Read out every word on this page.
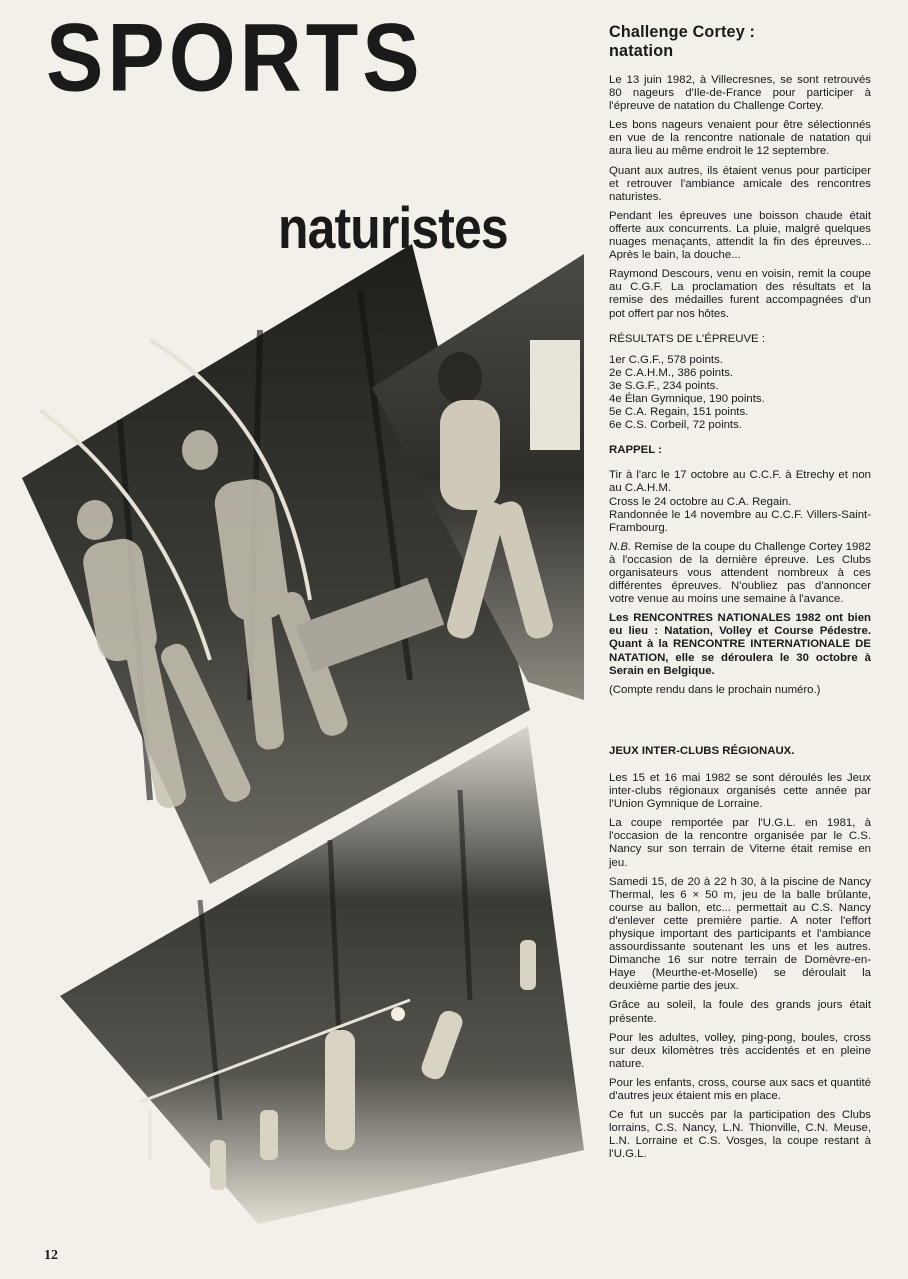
SPORTS
naturistes
Challenge Cortey :
natation

Le 13 juin 1982, à Villecresnes, se sont retrouvés 80 nageurs d'Ile-de-France pour participer à l'épreuve de natation du Challenge Cortey.

Les bons nageurs venaient pour être sélectionnés en vue de la rencontre nationale de natation qui aura lieu au même endroit le 12 septembre.

Quant aux autres, ils étaient venus pour participer et retrouver l'ambiance amicale des rencontres naturistes.

Pendant les épreuves une boisson chaude était offerte aux concurrents. La pluie, malgré quelques nuages menaçants, attendit la fin des épreuves... Après le bain, la douche...

Raymond Descours, venu en voisin, remit la coupe au C.G.F. La proclamation des résultats et la remise des médailles furent accompagnées d'un pot offert par nos hôtes.

RÉSULTATS DE L'ÉPREUVE :

1er C.G.F., 578 points.
2e C.A.H.M., 386 points.
3e S.G.F., 234 points.
4e Élan Gymnique, 190 points.
5e C.A. Regain, 151 points.
6e C.S. Corbeil, 72 points.

RAPPEL :

Tir à l'arc le 17 octobre au C.C.F. à Etrechy et non au C.A.H.M.

Cross le 24 octobre au C.A. Regain.

Randonnée le 14 novembre au C.C.F. Villers-Saint-Frambourg.

N.B. Remise de la coupe du Challenge Cortey 1982 à l'occasion de la dernière épreuve. Les Clubs organisateurs vous attendent nombreux à ces différentes épreuves. N'oubliez pas d'annoncer votre venue au moins une semaine à l'avance.

Les RENCONTRES NATIONALES 1982 ont bien eu lieu : Natation, Volley et Course Pédestre. Quant à la RENCONTRE INTERNATIONALE DE NATATION, elle se déroulera le 30 octobre à Serain en Belgique.

(Compte rendu dans le prochain numéro.)

JEUX INTER-CLUBS RÉGIONAUX.

Les 15 et 16 mai 1982 se sont déroulés les Jeux inter-clubs régionaux organisés cette année par l'Union Gymnique de Lorraine.

La coupe remportée par l'U.G.L. en 1981, à l'occasion de la rencontre organisée par le C.S. Nancy sur son terrain de Viterne était remise en jeu.

Samedi 15, de 20 à 22 h 30, à la piscine de Nancy Thermal, les 6 × 50 m, jeu de la balle brûlante, course au ballon, etc... permettait au C.S. Nancy d'enlever cette première partie. A noter l'effort physique important des participants et l'ambiance assourdissante soutenant les uns et les autres. Dimanche 16 sur notre terrain de Domèvre-en-Haye (Meurthe-et-Moselle) se déroulait la deuxième partie des jeux.

Grâce au soleil, la foule des grands jours était présente.

Pour les adultes, volley, ping-pong, boules, cross sur deux kilomètres très accidentés et en pleine nature.

Pour les enfants, cross, course aux sacs et quantité d'autres jeux étaient mis en place.

Ce fut un succès par la participation des Clubs lorrains, C.S. Nancy, L.N. Thionville, C.N. Meuse, L.N. Lorraine et C.S. Vosges, la coupe restant à l'U.G.L.

12
